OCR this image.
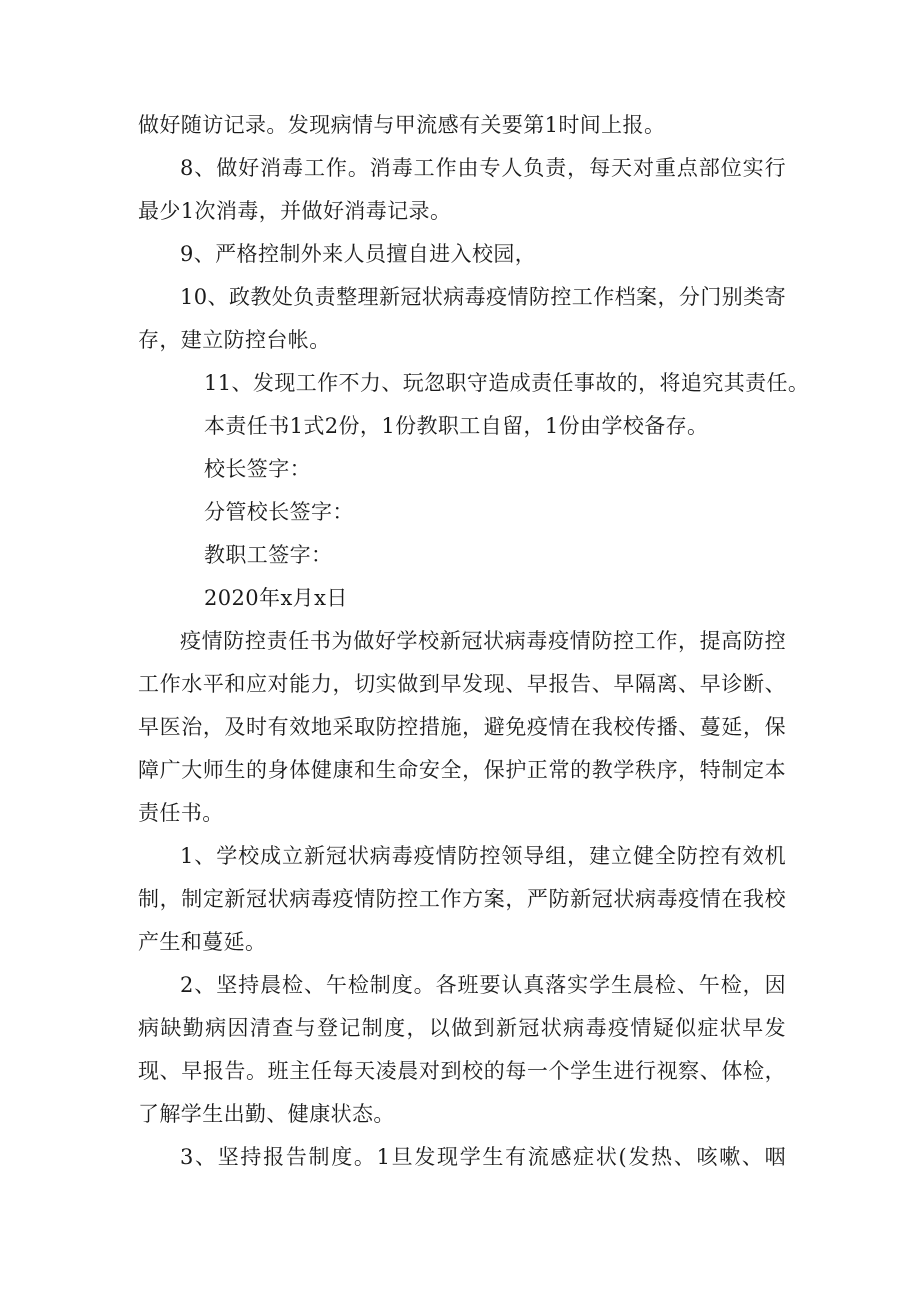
做好随访记录。发现病情与甲流感有关要第1时间上报。

8、做好消毒工作。消毒工作由专人负责，每天对重点部位实行最少1次消毒，并做好消毒记录。

9、严格控制外来人员擅自进入校园，

10、政教处负责整理新冠状病毒疫情防控工作档案，分门别类寄存，建立防控台帐。

11、发现工作不力、玩忽职守造成责任事故的，将追究其责任。

本责任书1式2份，1份教职工自留，1份由学校备存。

校长签字：

分管校长签字：

教职工签字：

2020年x月x日

疫情防控责任书为做好学校新冠状病毒疫情防控工作，提高防控工作水平和应对能力，切实做到早发现、早报告、早隔离、早诊断、早医治，及时有效地采取防控措施，避免疫情在我校传播、蔓延，保障广大师生的身体健康和生命安全，保护正常的教学秩序，特制定本责任书。

1、学校成立新冠状病毒疫情防控领导组，建立健全防控有效机制，制定新冠状病毒疫情防控工作方案，严防新冠状病毒疫情在我校产生和蔓延。

2、坚持晨检、午检制度。各班要认真落实学生晨检、午检，因病缺勤病因清查与登记制度，以做到新冠状病毒疫情疑似症状早发现、早报告。班主任每天凌晨对到校的每一个学生进行视察、体检，了解学生出勤、健康状态。

3、坚持报告制度。1旦发现学生有流感症状(发热、咳嗽、咽
